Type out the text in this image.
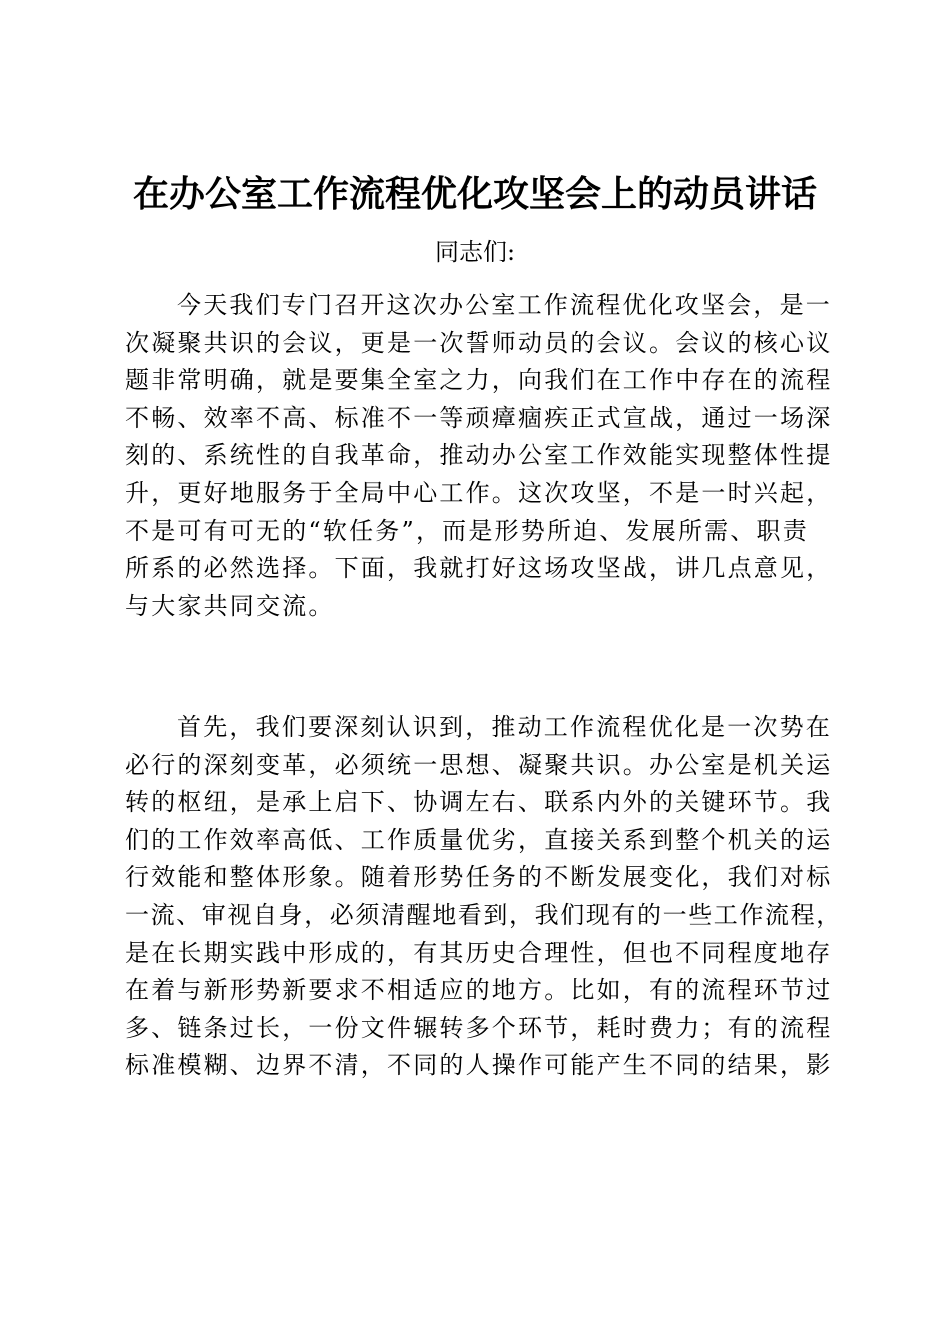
在办公室工作流程优化攻坚会上的动员讲话
同志们:
今天我们专门召开这次办公室工作流程优化攻坚会，是一
次凝聚共识的会议，更是一次誓师动员的会议。会议的核心议
题非常明确，就是要集全室之力，向我们在工作中存在的流程
不畅、效率不高、标准不一等顽瘴痼疾正式宣战，通过一场深
刻的、系统性的自我革命，推动办公室工作效能实现整体性提
升，更好地服务于全局中心工作。这次攻坚，不是一时兴起，
不是可有可无的“软任务”，而是形势所迫、发展所需、职责
所系的必然选择。下面，我就打好这场攻坚战，讲几点意见，
与大家共同交流。
首先，我们要深刻认识到，推动工作流程优化是一次势在
必行的深刻变革，必须统一思想、凝聚共识。办公室是机关运
转的枢纽，是承上启下、协调左右、联系内外的关键环节。我
们的工作效率高低、工作质量优劣，直接关系到整个机关的运
行效能和整体形象。随着形势任务的不断发展变化，我们对标
一流、审视自身，必须清醒地看到，我们现有的一些工作流程，
是在长期实践中形成的，有其历史合理性，但也不同程度地存
在着与新形势新要求不相适应的地方。比如，有的流程环节过
多、链条过长，一份文件辗转多个环节，耗时费力；有的流程
标准模糊、边界不清，不同的人操作可能产生不同的结果，影
